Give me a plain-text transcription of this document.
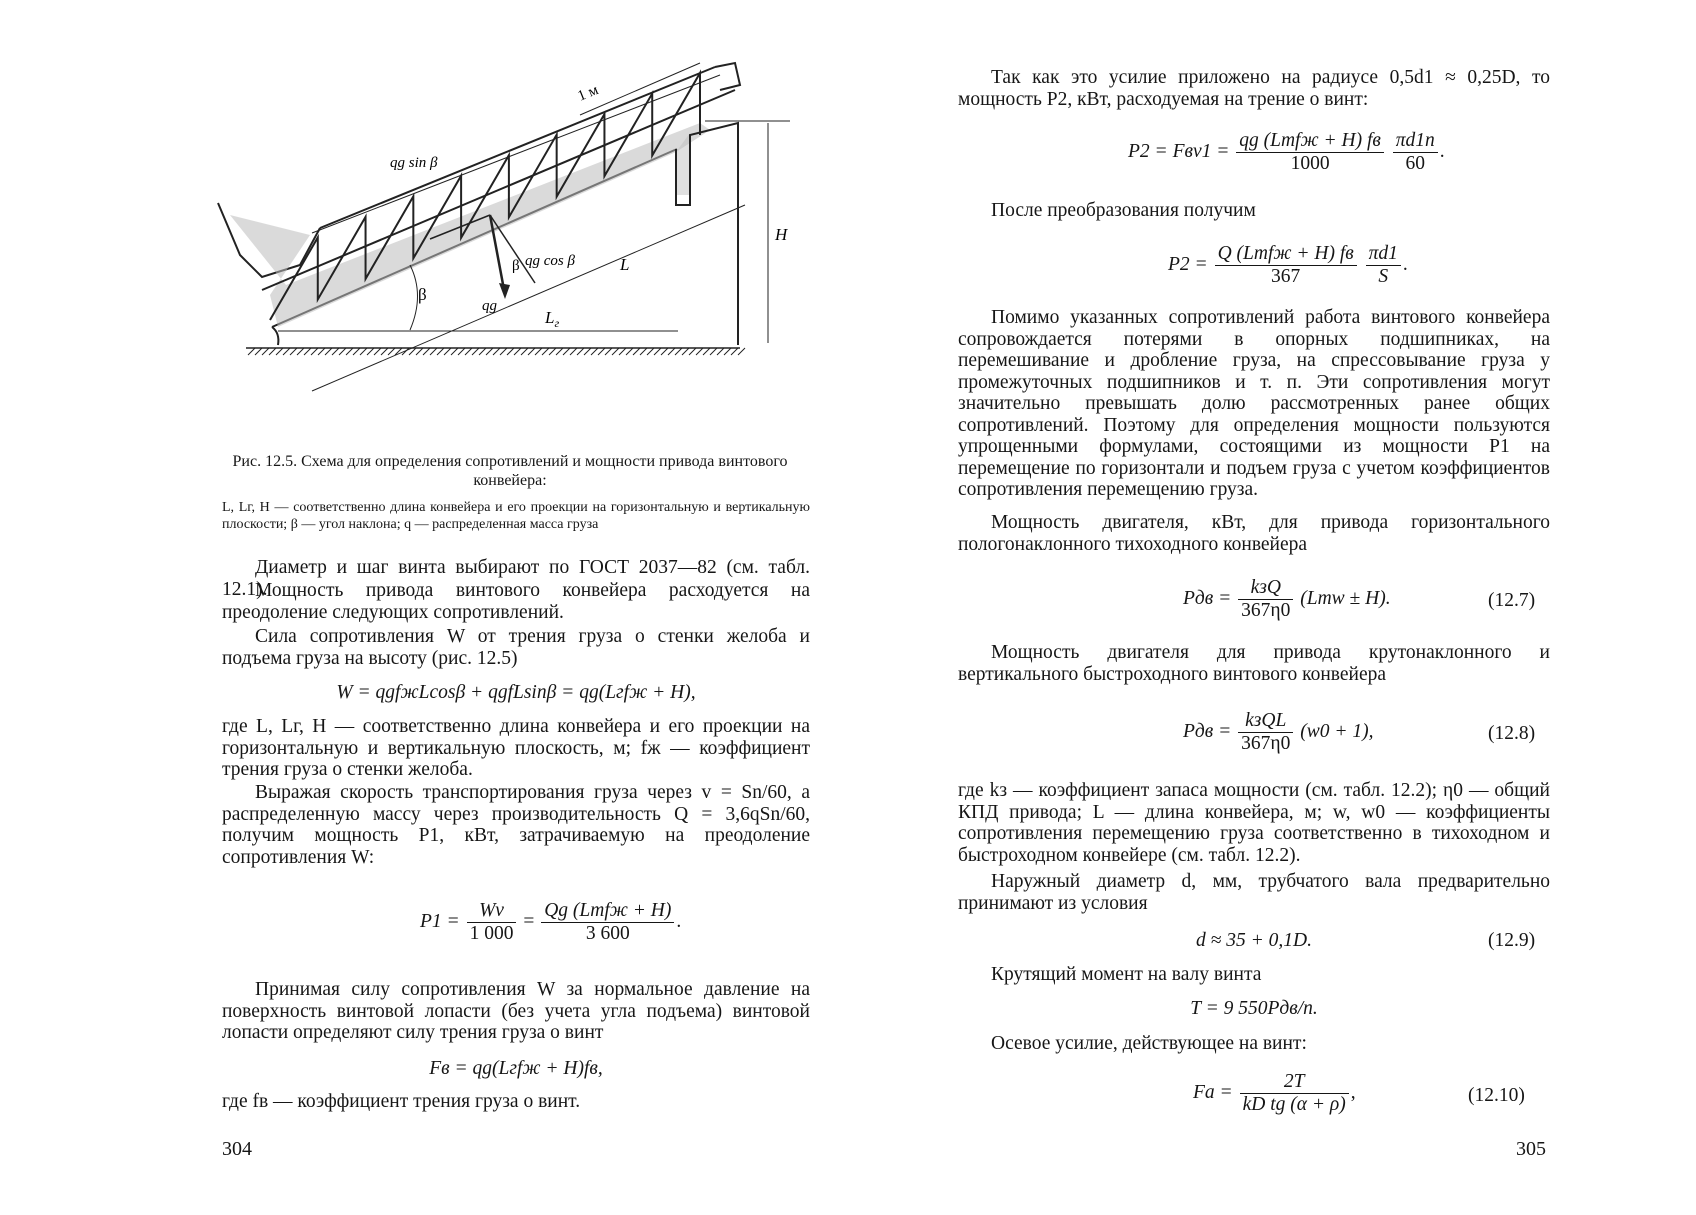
qg sin β
1 м
β qg cos β	L
H
qg
β
$L_г$
Рис. 12.5. Схема для определения сопротивлений и мощности привода винтового конвейера:
L, Lг, H — соответственно длина конвейера и его проекции на горизонтальную и вертикальную плоскости; β — угол наклона; q — распределенная масса груза
Диаметр и шаг винта выбирают по ГОСТ 2037—82 (см. табл. 12.1).
Мощность привода винтового конвейера расходуется на преодоление следующих сопротивлений.
Сила сопротивления W от трения груза о стенки желоба и подъема груза на высоту (рис. 12.5)
W = qgfжLcosβ + qgfLsinβ = qg(Lгfж + H),
где L, Lг, H — соответственно длина конвейера и его проекции на горизонтальную и вертикальную плоскость, м; fж — коэффициент трения груза о стенки желоба.
Выражая скорость транспортирования груза через v = Sn/60, а распределенную массу через производительность Q = 3,6qSn/60, получим мощность P1, кВт, затрачиваемую на преодоление сопротивления W:
$P1 = \frac{Wv}{1 000} = \frac{\text{Qg (Lтfж + H)}}{3 600}$ .
Принимая силу сопротивления W за нормальное давление на поверхность винтовой лопасти (без учета угла подъема) винтовой лопасти определяют силу трения груза о винт
Fв = qg(Lгfж + H)fв,
где fв — коэффициент трения груза о винт.
304
Так как это усилие приложено на радиусе 0,5d1 ≈ 0,25D, то мощность P2, кВт, расходуемая на трение о винт:
$P2 = Fвv1 = \frac{\text{qg (Lтfж + H) fв}}{1000}$
$\frac{\pi d1n}{60}$ .
После преобразования получим
$P2 = \frac{\text{Q (Lтfж + H) fв}}{367}$
$\frac{\pi d1}{S}$ .
Помимо указанных сопротивлений работа винтового конвейера сопровождается потерями в опорных подшипниках, на перемешивание и дробление груза, на спрессовывание груза у промежуточных подшипников и т. п. Эти сопротивления могут значительно превышать долю рассмотренных ранее общих сопротивлений. Поэтому для определения мощности пользуются упрощенными формулами, состоящими из мощности P1 на перемещение по горизонтали и подъем груза с учетом коэффициентов сопротивления перемещению груза.
Мощность двигателя, кВт, для привода горизонтального пологонаклонного тихоходного конвейера
Pдв = $\frac{\text{kзQ}}{367\eta 0} (Lтw \pm H)$.	(12.7)
Мощность двигателя для привода крутонаклонного и вертикального быстроходного винтового конвейера
Pдв = $\frac{\text{kзQL}}{367\eta 0} (w0 + 1)$,	(12.8)
где kз — коэффициент запаса мощности (см. табл. 12.2); η0 — общий КПД привода; L — длина конвейера, м; w, w0 — коэффициенты сопротивления перемещению груза соответственно в тихоходном и быстроходном конвейере (см. табл. 12.2).
Наружный диаметр d, мм, трубчатого вала предварительно принимают из условия
d ≈ 35 + 0,1D.	(12.9)
Крутящий момент на валу винта
T = 9 550Pдв/n.
Осевое усилие, действующее на винт:
$Fa = \frac{2T}{\text{kD tg (α + ρ)}}$ ,	(12.10)
305
